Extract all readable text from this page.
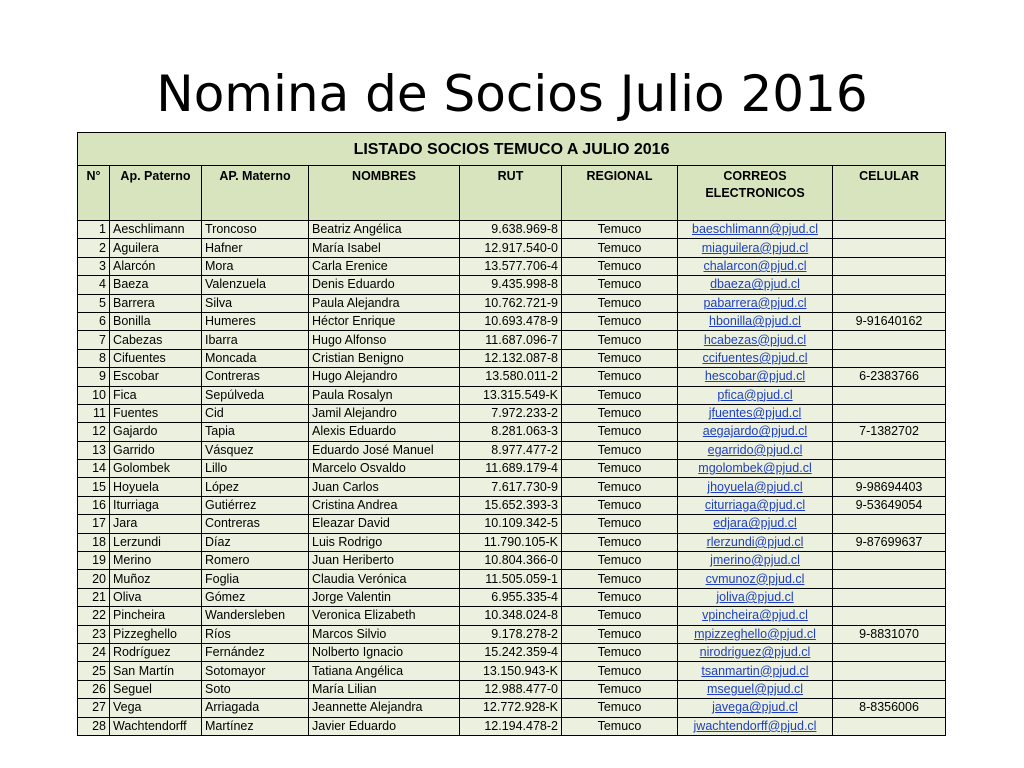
Nomina de Socios Julio 2016
LISTADO SOCIOS TEMUCO A JULIO 2016							
N°	Ap. Paterno	AP. Materno	NOMBRES	RUT	REGIONAL	CORREOS ELECTRONICOS	CELULAR
1	Aeschlimann	Troncoso	Beatriz Angélica	9.638.969-8	Temuco	baeschlimann@pjud.cl	
2	Aguilera	Hafner	María Isabel	12.917.540-0	Temuco	miaguilera@pjud.cl	
3	Alarcón	Mora	Carla Erenice	13.577.706-4	Temuco	chalarcon@pjud.cl	
4	Baeza	Valenzuela	Denis Eduardo	9.435.998-8	Temuco	dbaeza@pjud.cl	
5	Barrera	Silva	Paula Alejandra	10.762.721-9	Temuco	pabarrera@pjud.cl	
6	Bonilla	Humeres	Héctor Enrique	10.693.478-9	Temuco	hbonilla@pjud.cl	9-91640162
7	Cabezas	Ibarra	Hugo Alfonso	11.687.096-7	Temuco	hcabezas@pjud.cl	
8	Cifuentes	Moncada	Cristian Benigno	12.132.087-8	Temuco	ccifuentes@pjud.cl	
9	Escobar	Contreras	Hugo Alejandro	13.580.011-2	Temuco	hescobar@pjud.cl	6-2383766
10	Fica	Sepúlveda	Paula Rosalyn	13.315.549-K	Temuco	pfica@pjud.cl	
11	Fuentes	Cid	Jamil Alejandro	7.972.233-2	Temuco	jfuentes@pjud.cl	
12	Gajardo	Tapia	Alexis Eduardo	8.281.063-3	Temuco	aegajardo@pjud.cl	7-1382702
13	Garrido	Vásquez	Eduardo José Manuel	8.977.477-2	Temuco	egarrido@pjud.cl	
14	Golombek	Lillo	Marcelo Osvaldo	11.689.179-4	Temuco	mgolombek@pjud.cl	
15	Hoyuela	López	Juan Carlos	7.617.730-9	Temuco	jhoyuela@pjud.cl	9-98694403
16	Iturriaga	Gutiérrez	Cristina Andrea	15.652.393-3	Temuco	citurriaga@pjud.cl	9-53649054
17	Jara	Contreras	Eleazar David	10.109.342-5	Temuco	edjara@pjud.cl	
18	Lerzundi	Díaz	Luis Rodrigo	11.790.105-K	Temuco	rlerzundi@pjud.cl	9-87699637
19	Merino	Romero	Juan Heriberto	10.804.366-0	Temuco	jmerino@pjud.cl	
20	Muñoz	Foglia	Claudia Verónica	11.505.059-1	Temuco	cvmunoz@pjud.cl	
21	Oliva	Gómez	Jorge Valentin	6.955.335-4	Temuco	joliva@pjud.cl	
22	Pincheira	Wandersleben	Veronica Elizabeth	10.348.024-8	Temuco	vpincheira@pjud.cl	
23	Pizzeghello	Ríos	Marcos Silvio	9.178.278-2	Temuco	mpizzeghello@pjud.cl	9-8831070
24	Rodríguez	Fernández	Nolberto Ignacio	15.242.359-4	Temuco	nirodriguez@pjud.cl	
25	San Martín	Sotomayor	Tatiana Angélica	13.150.943-K	Temuco	tsanmartin@pjud.cl	
26	Seguel	Soto	María Lilian	12.988.477-0	Temuco	mseguel@pjud.cl	
27	Vega	Arriagada	Jeannette Alejandra	12.772.928-K	Temuco	javega@pjud.cl	8-8356006
28	Wachtendorff	Martínez	Javier Eduardo	12.194.478-2	Temuco	jwachtendorff@pjud.cl	
